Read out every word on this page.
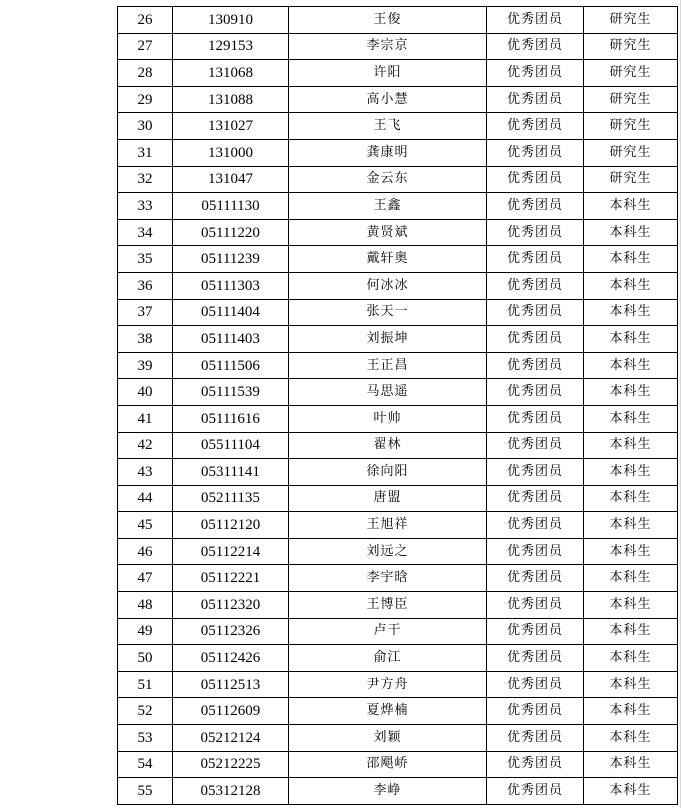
26	130910	王俊	优秀团员	研究生
27	129153	李宗京	优秀团员	研究生
28	131068	许阳	优秀团员	研究生
29	131088	高小慧	优秀团员	研究生
30	131027	王飞	优秀团员	研究生
31	131000	龚康明	优秀团员	研究生
32	131047	金云东	优秀团员	研究生
33	05111130	王鑫	优秀团员	本科生
34	05111220	黄贤斌	优秀团员	本科生
35	05111239	戴轩奥	优秀团员	本科生
36	05111303	何冰冰	优秀团员	本科生
37	05111404	张天一	优秀团员	本科生
38	05111403	刘振坤	优秀团员	本科生
39	05111506	王正昌	优秀团员	本科生
40	05111539	马思遥	优秀团员	本科生
41	05111616	叶帅	优秀团员	本科生
42	05511104	翟林	优秀团员	本科生
43	05311141	徐向阳	优秀团员	本科生
44	05211135	唐盟	优秀团员	本科生
45	05112120	王旭祥	优秀团员	本科生
46	05112214	刘远之	优秀团员	本科生
47	05112221	李宇晗	优秀团员	本科生
48	05112320	王博臣	优秀团员	本科生
49	05112326	卢干	优秀团员	本科生
50	05112426	俞江	优秀团员	本科生
51	05112513	尹方舟	优秀团员	本科生
52	05112609	夏烨楠	优秀团员	本科生
53	05212124	刘颖	优秀团员	本科生
54	05212225	邵飓峤	优秀团员	本科生
55	05312128	李峥	优秀团员	本科生
